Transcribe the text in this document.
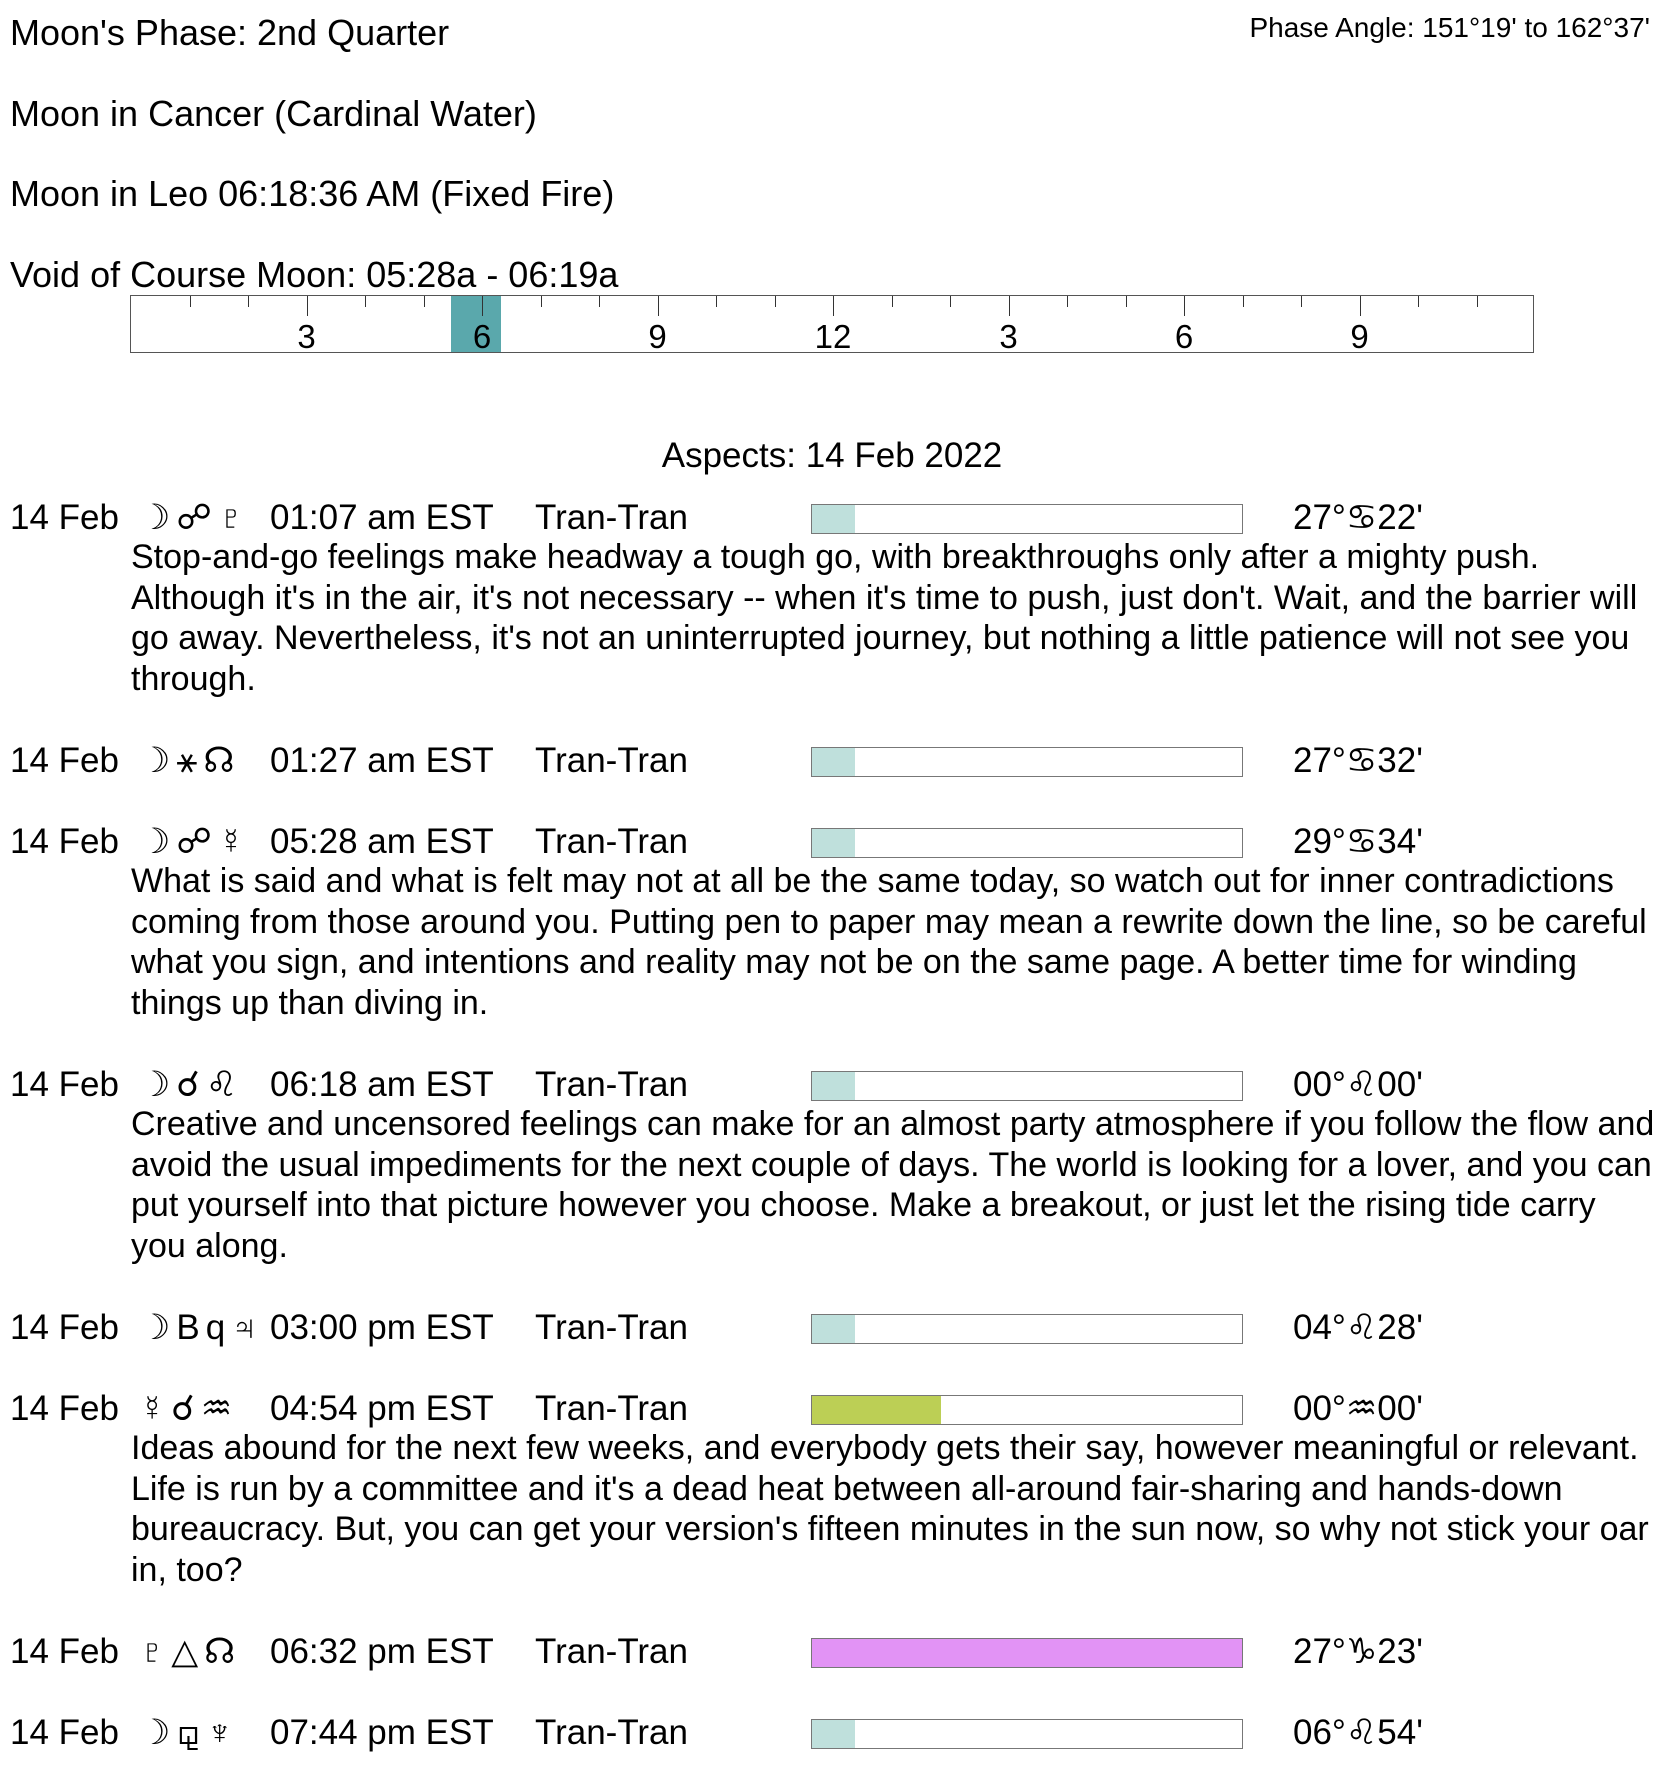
Moon's Phase: 2nd Quarter	Phase Angle: 151°19' to 162°37'
Moon in Cancer (Cardinal Water)
Moon in Leo 06:18:36 AM (Fixed Fire)
Void of Course Moon: 05:28a - 06:19a
3	6	9	12	3	6	9
Aspects: 14 Feb 2022
14 Feb ☽☍♇ 01:07 am EST Tran-Tran	27°♋22'
Stop-and-go feelings make headway a tough go, with breakthroughs only after a mighty push. Although it's in the air, it's not necessary -- when it's time to push, just don't. Wait, and the barrier will go away. Nevertheless, it's not an uninterrupted journey, but nothing a little patience will not see you through.
14 Feb ☽⚹☊ 01:27 am EST Tran-Tran	27°♋32'
14 Feb ☽☍☿ 05:28 am EST Tran-Tran	29°♋34'
What is said and what is felt may not at all be the same today, so watch out for inner contradictions coming from those around you. Putting pen to paper may mean a rewrite down the line, so be careful what you sign, and intentions and reality may not be on the same page. A better time for winding things up than diving in.
14 Feb ☽☌♌ 06:18 am EST Tran-Tran	00°♌00'
Creative and uncensored feelings can make for an almost party atmosphere if you follow the flow and avoid the usual impediments for the next couple of days. The world is looking for a lover, and you can put yourself into that picture however you choose. Make a breakout, or just let the rising tide carry you along.
14 Feb ☽Bq♃ 03:00 pm EST Tran-Tran	04°♌28'
14 Feb ☿☌♒ 04:54 pm EST Tran-Tran	00°♒00'
Ideas abound for the next few weeks, and everybody gets their say, however meaningful or relevant. Life is run by a committee and it's a dead heat between all-around fair-sharing and hands-down bureaucracy. But, you can get your version's fifteen minutes in the sun now, so why not stick your oar in, too?
14 Feb ♇△☊ 06:32 pm EST Tran-Tran	27°♑23'
14 Feb ☽⚼♆ 07:44 pm EST Tran-Tran	06°♌54'
